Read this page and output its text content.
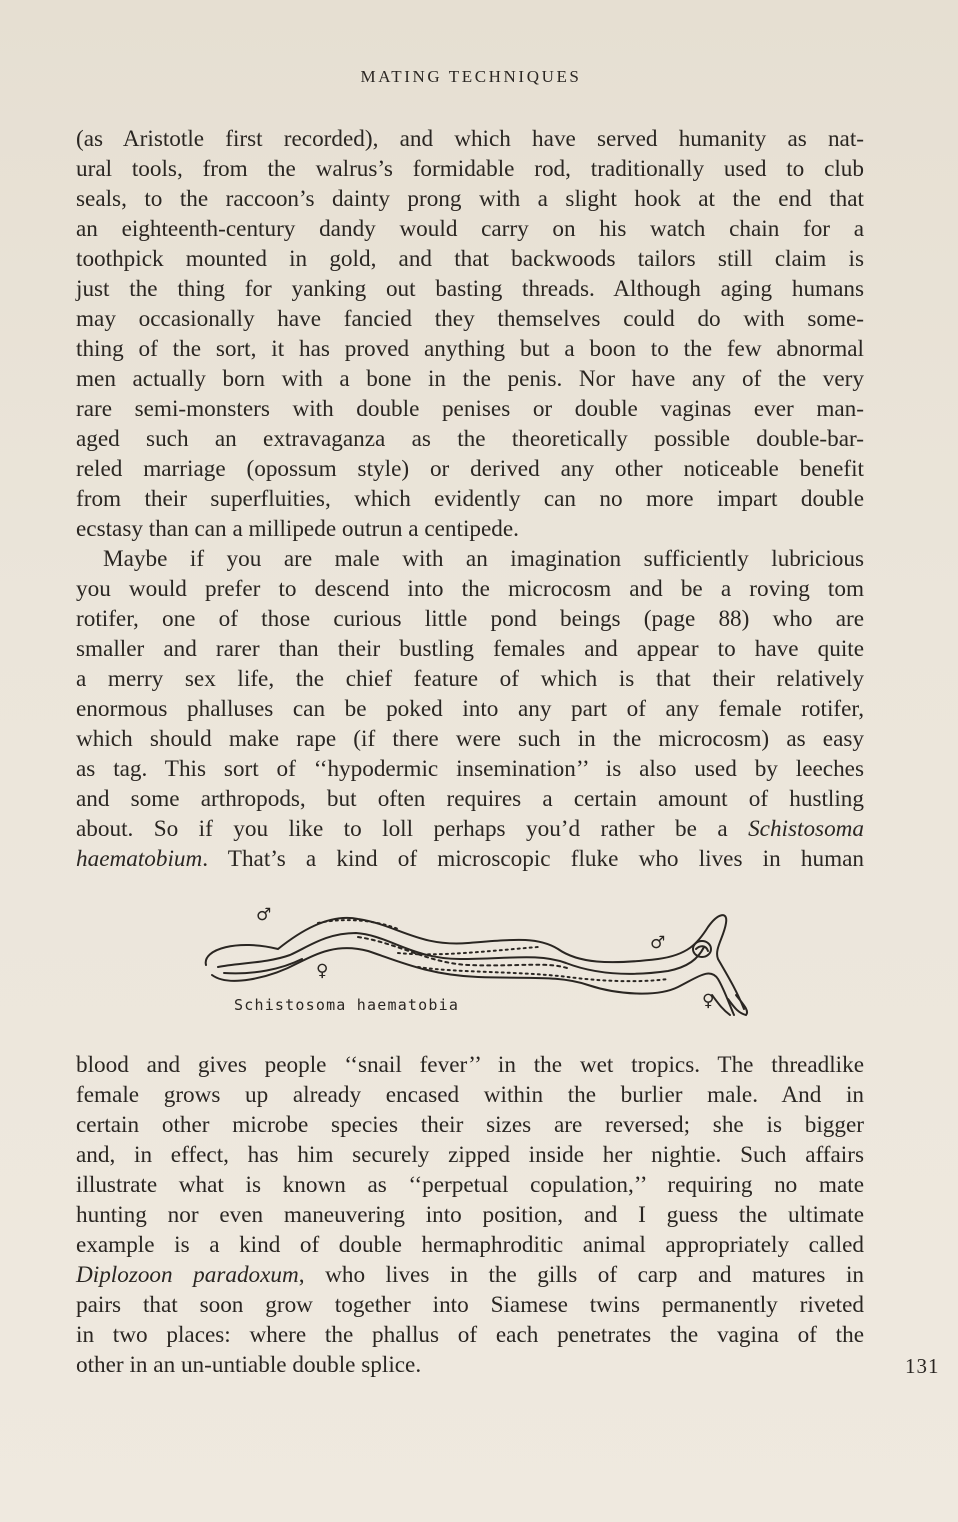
MATING TECHNIQUES
(as Aristotle first recorded), and which have served humanity as nat-
ural tools, from the walrus’s formidable rod, traditionally used to club
seals, to the raccoon’s dainty prong with a slight hook at the end that
an eighteenth-century dandy would carry on his watch chain for a
toothpick mounted in gold, and that backwoods tailors still claim is
just the thing for yanking out basting threads. Although aging humans
may occasionally have fancied they themselves could do with some-
thing of the sort, it has proved anything but a boon to the few abnormal
men actually born with a bone in the penis. Nor have any of the very
rare semi-monsters with double penises or double vaginas ever man-
aged such an extravaganza as the theoretically possible double-bar-
reled marriage (opossum style) or derived any other noticeable benefit
from their superfluities, which evidently can no more impart double
ecstasy than can a millipede outrun a centipede.
Maybe if you are male with an imagination sufficiently lubricious
you would prefer to descend into the microcosm and be a roving tom
rotifer, one of those curious little pond beings (page 88) who are
smaller and rarer than their bustling females and appear to have quite
a merry sex life, the chief feature of which is that their relatively
enormous phalluses can be poked into any part of any female rotifer,
which should make rape (if there were such in the microcosm) as easy
as tag. This sort of ‘‘hypodermic insemination’’ is also used by leeches
and some arthropods, but often requires a certain amount of hustling
about. So if you like to loll perhaps you’d rather be a Schistosoma
haematobium. That’s a kind of microscopic fluke who lives in human
♂
♀
♂
♀
Schistosoma haematobia
blood and gives people ‘‘snail fever’’ in the wet tropics. The threadlike
female grows up already encased within the burlier male. And in
certain other microbe species their sizes are reversed; she is bigger
and, in effect, has him securely zipped inside her nightie. Such affairs
illustrate what is known as ‘‘perpetual copulation,’’ requiring no mate
hunting nor even maneuvering into position, and I guess the ultimate
example is a kind of double hermaphroditic animal appropriately called
Diplozoon paradoxum, who lives in the gills of carp and matures in
pairs that soon grow together into Siamese twins permanently riveted
in two places: where the phallus of each penetrates the vagina of the
other in an un-untiable double splice.	131
